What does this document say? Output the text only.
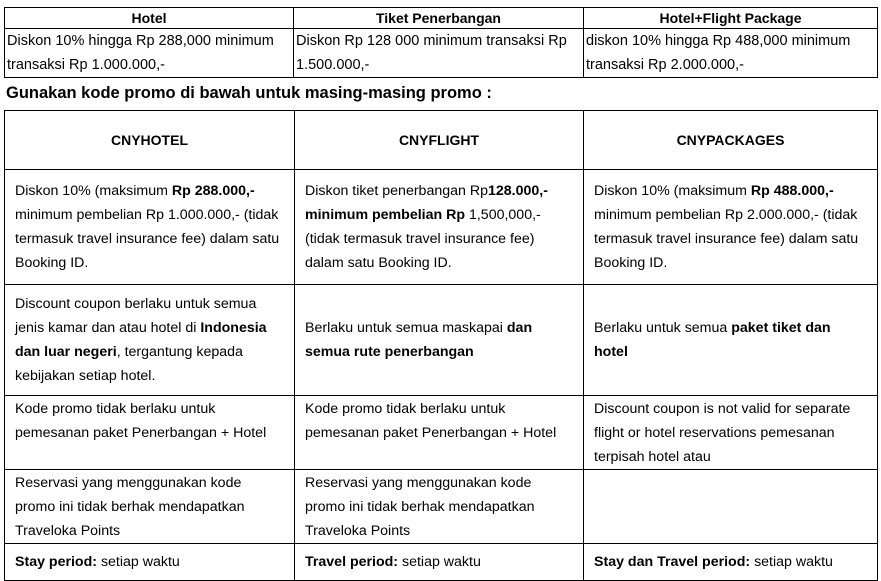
Hotel	Tiket Penerbangan	Hotel+Flight Package
Diskon 10% hingga Rp 288,000 minimum transaksi Rp 1.000.000,-	Diskon Rp 128 000 minimum transaksi Rp 1.500.000,-	diskon 10% hingga Rp 488,000 minimum transaksi Rp 2.000.000,-

Gunakan kode promo di bawah untuk masing-masing promo :

CNYHOTEL	CNYFLIGHT	CNYPACKAGES
Diskon 10% (maksimum Rp 288.000,- minimum pembelian Rp 1.000.000,- (tidak termasuk travel insurance fee) dalam satu Booking ID.	Diskon tiket penerbangan Rp128.000,- minimum pembelian Rp 1,500,000,- (tidak termasuk travel insurance fee) dalam satu Booking ID.	Diskon 10% (maksimum Rp 488.000,- minimum pembelian Rp 2.000.000,- (tidak termasuk travel insurance fee) dalam satu Booking ID.
Discount coupon berlaku untuk semua jenis kamar dan atau hotel di Indonesia dan luar negeri, tergantung kepada kebijakan setiap hotel.	Berlaku untuk semua maskapai dan semua rute penerbangan	Berlaku untuk semua paket tiket dan hotel
Kode promo tidak berlaku untuk pemesanan paket Penerbangan + Hotel	Kode promo tidak berlaku untuk pemesanan paket Penerbangan + Hotel	Discount coupon is not valid for separate flight or hotel reservations pemesanan terpisah hotel atau
Reservasi yang menggunakan kode promo ini tidak berhak mendapatkan Traveloka Points	Reservasi yang menggunakan kode promo ini tidak berhak mendapatkan Traveloka Points	
Stay period: setiap waktu	Travel period: setiap waktu	Stay dan Travel period: setiap waktu
